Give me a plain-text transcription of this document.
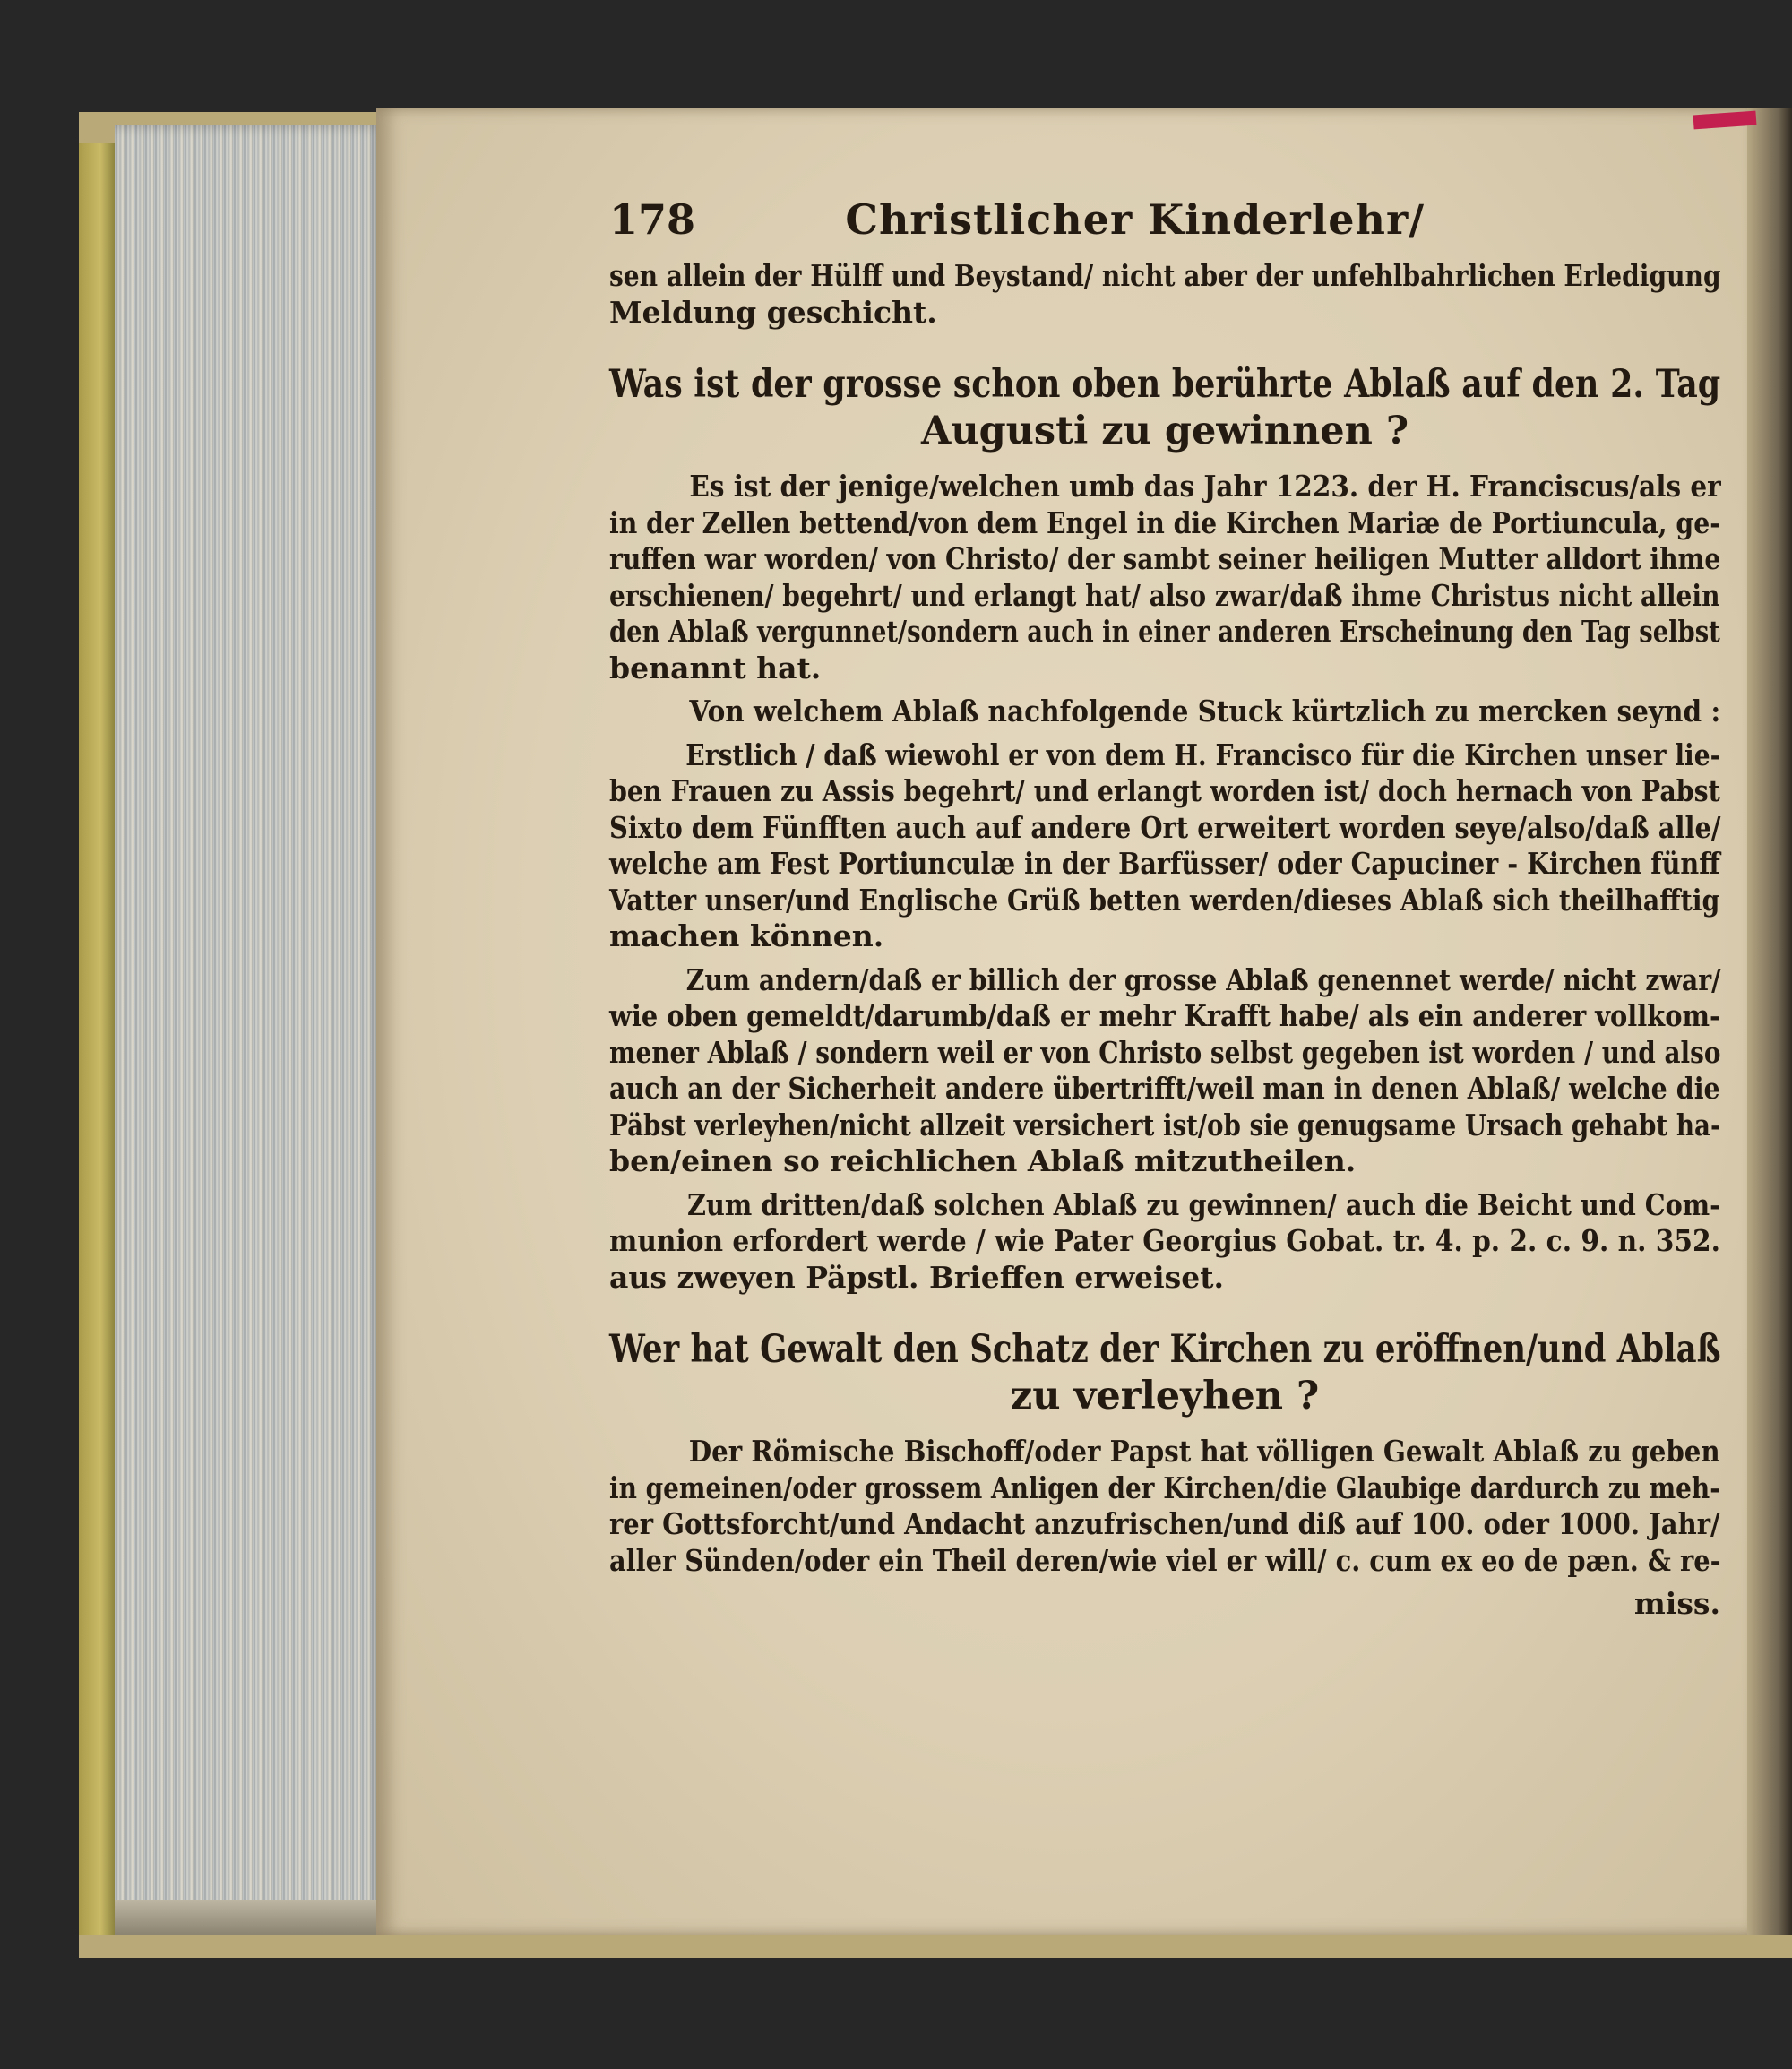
178	Christlicher Kinderlehr/
sen allein der Hülff und Beystand/ nicht aber der unfehlbahrlichen Erledigung
Meldung geschicht.
Was ist der grosse schon oben berührte Ablaß auf den 2. Tag
Augusti zu gewinnen ?
Es ist der jenige/welchen umb das Jahr 1223. der H. Franciscus/als er
in der Zellen bettend/von dem Engel in die Kirchen Mariæ de Portiuncula, ge-
ruffen war worden/ von Christo/ der sambt seiner heiligen Mutter alldort ihme
erschienen/ begehrt/ und erlangt hat/ also zwar/daß ihme Christus nicht allein
den Ablaß vergunnet/sondern auch in einer anderen Erscheinung den Tag selbst
benannt hat.
Von welchem Ablaß nachfolgende Stuck kürtzlich zu mercken seynd :
Erstlich / daß wiewohl er von dem H. Francisco für die Kirchen unser lie-
ben Frauen zu Assis begehrt/ und erlangt worden ist/ doch hernach von Pabst
Sixto dem Fünfften auch auf andere Ort erweitert worden seye/also/daß alle/
welche am Fest Portiunculæ in der Barfüsser/ oder Capuciner - Kirchen fünff
Vatter unser/und Englische Grüß betten werden/dieses Ablaß sich theilhafftig
machen können.
Zum andern/daß er billich der grosse Ablaß genennet werde/ nicht zwar/
wie oben gemeldt/darumb/daß er mehr Krafft habe/ als ein anderer vollkom-
mener Ablaß / sondern weil er von Christo selbst gegeben ist worden / und also
auch an der Sicherheit andere übertrifft/weil man in denen Ablaß/ welche die
Päbst verleyhen/nicht allzeit versichert ist/ob sie genugsame Ursach gehabt ha-
ben/einen so reichlichen Ablaß mitzutheilen.
Zum dritten/daß solchen Ablaß zu gewinnen/ auch die Beicht und Com-
munion erfordert werde / wie Pater Georgius Gobat. tr. 4. p. 2. c. 9. n. 352.
aus zweyen Päpstl. Brieffen erweiset.
Wer hat Gewalt den Schatz der Kirchen zu eröffnen/und Ablaß
zu verleyhen ?
Der Römische Bischoff/oder Papst hat völligen Gewalt Ablaß zu geben
in gemeinen/oder grossem Anligen der Kirchen/die Glaubige dardurch zu meh-
rer Gottsforcht/und Andacht anzufrischen/und diß auf 100. oder 1000. Jahr/
aller Sünden/oder ein Theil deren/wie viel er will/ c. cum ex eo de pæn. & re-
miss.
